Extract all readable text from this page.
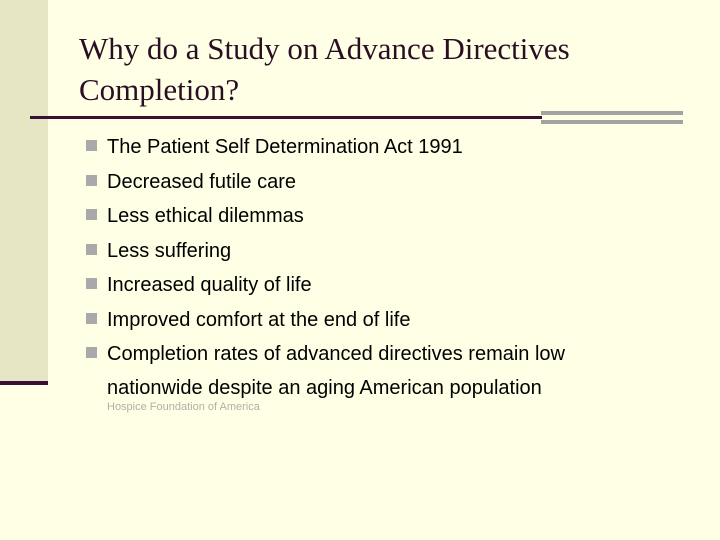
Why do a Study on Advance Directives Completion?
The Patient Self Determination Act 1991
Decreased futile care
Less ethical dilemmas
Less suffering
Increased quality of life
Improved comfort at the end of life
Completion rates of advanced directives remain low
nationwide despite an aging American population
Hospice Foundation of America
